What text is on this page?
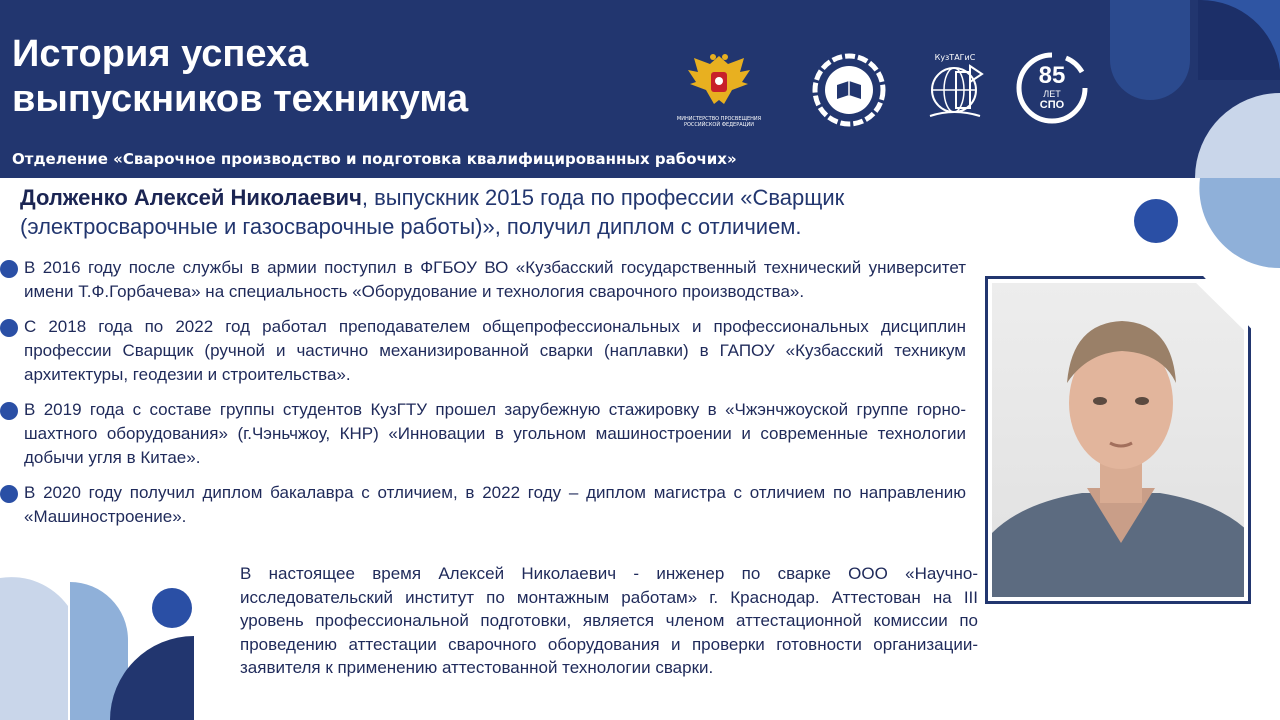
История успеха
выпускников техникума
Отделение «Сварочное производство и подготовка квалифицированных рабочих»
МИНИСТЕРСТВО ПРОСВЕЩЕНИЯ
РОССИЙСКОЙ ФЕДЕРАЦИИ
НРПО
КузТАГиС
85
ЛЕТ
СПО
Долженко Алексей Николаевич, выпускник 2015 года по профессии «Сварщик (электросварочные и газосварочные работы)», получил диплом с отличием.
В 2016 году после службы в армии поступил в ФГБОУ ВО «Кузбасский государственный технический университет имени Т.Ф.Горбачева» на специальность «Оборудование и технология сварочного производства».
С 2018 года по 2022 год работал преподавателем общепрофессиональных и профессиональных дисциплин профессии Сварщик (ручной и частично механизированной сварки (наплавки) в ГАПОУ «Кузбасский техникум архитектуры, геодезии и строительства».
В 2019 года с составе группы студентов КузГТУ прошел зарубежную стажировку в «Чжэнчжоуской группе горно-шахтного оборудования» (г.Чэньчжоу, КНР) «Инновации в угольном машиностроении и современные технологии добычи угля в Китае».
В 2020 году получил диплом бакалавра с отличием, в 2022 году – диплом магистра с отличием по направлению «Машиностроение».
В настоящее время Алексей Николаевич - инженер по сварке ООО «Научно-исследовательский институт по монтажным работам» г. Краснодар. Аттестован на III уровень профессиональной подготовки, является членом аттестационной комиссии по проведению аттестации сварочного оборудования и проверки готовности организации-заявителя к применению аттестованной технологии сварки.
